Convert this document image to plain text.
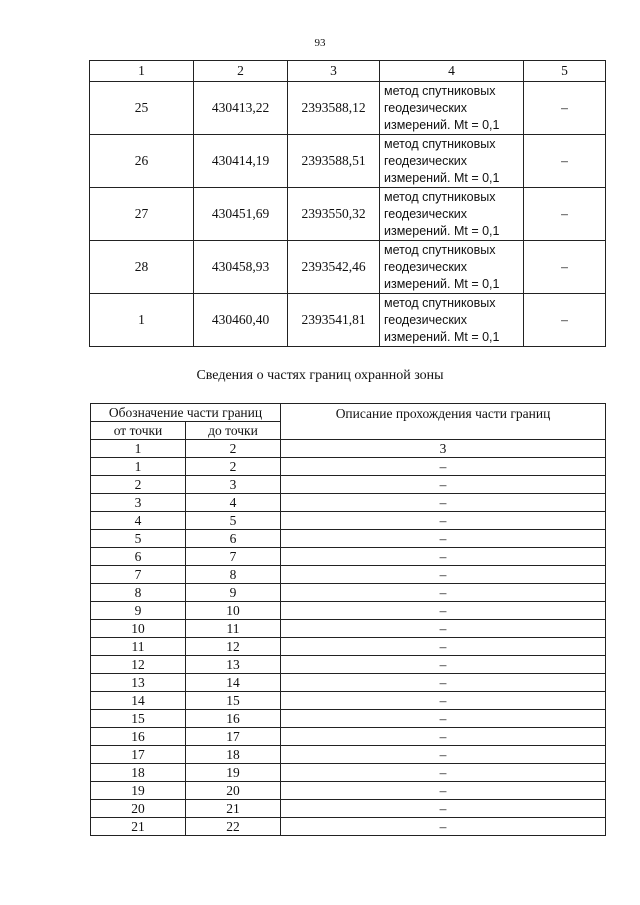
93
1	2	3	4	5
25	430413,22	2393588,12	метод спутниковых
геодезических
измерений. Mt = 0,1	–
26	430414,19	2393588,51	метод спутниковых
геодезических
измерений. Mt = 0,1	–
27	430451,69	2393550,32	метод спутниковых
геодезических
измерений. Mt = 0,1	–
28	430458,93	2393542,46	метод спутниковых
геодезических
измерений. Mt = 0,1	–
1	430460,40	2393541,81	метод спутниковых
геодезических
измерений. Mt = 0,1	–
Сведения о частях границ охранной зоны
Обозначение части границ		Описание прохождения части границ
от точки	до точки	
1	2	3
1	2	–
2	3	–
3	4	–
4	5	–
5	6	–
6	7	–
7	8	–
8	9	–
9	10	–
10	11	–
11	12	–
12	13	–
13	14	–
14	15	–
15	16	–
16	17	–
17	18	–
18	19	–
19	20	–
20	21	–
21	22	–
